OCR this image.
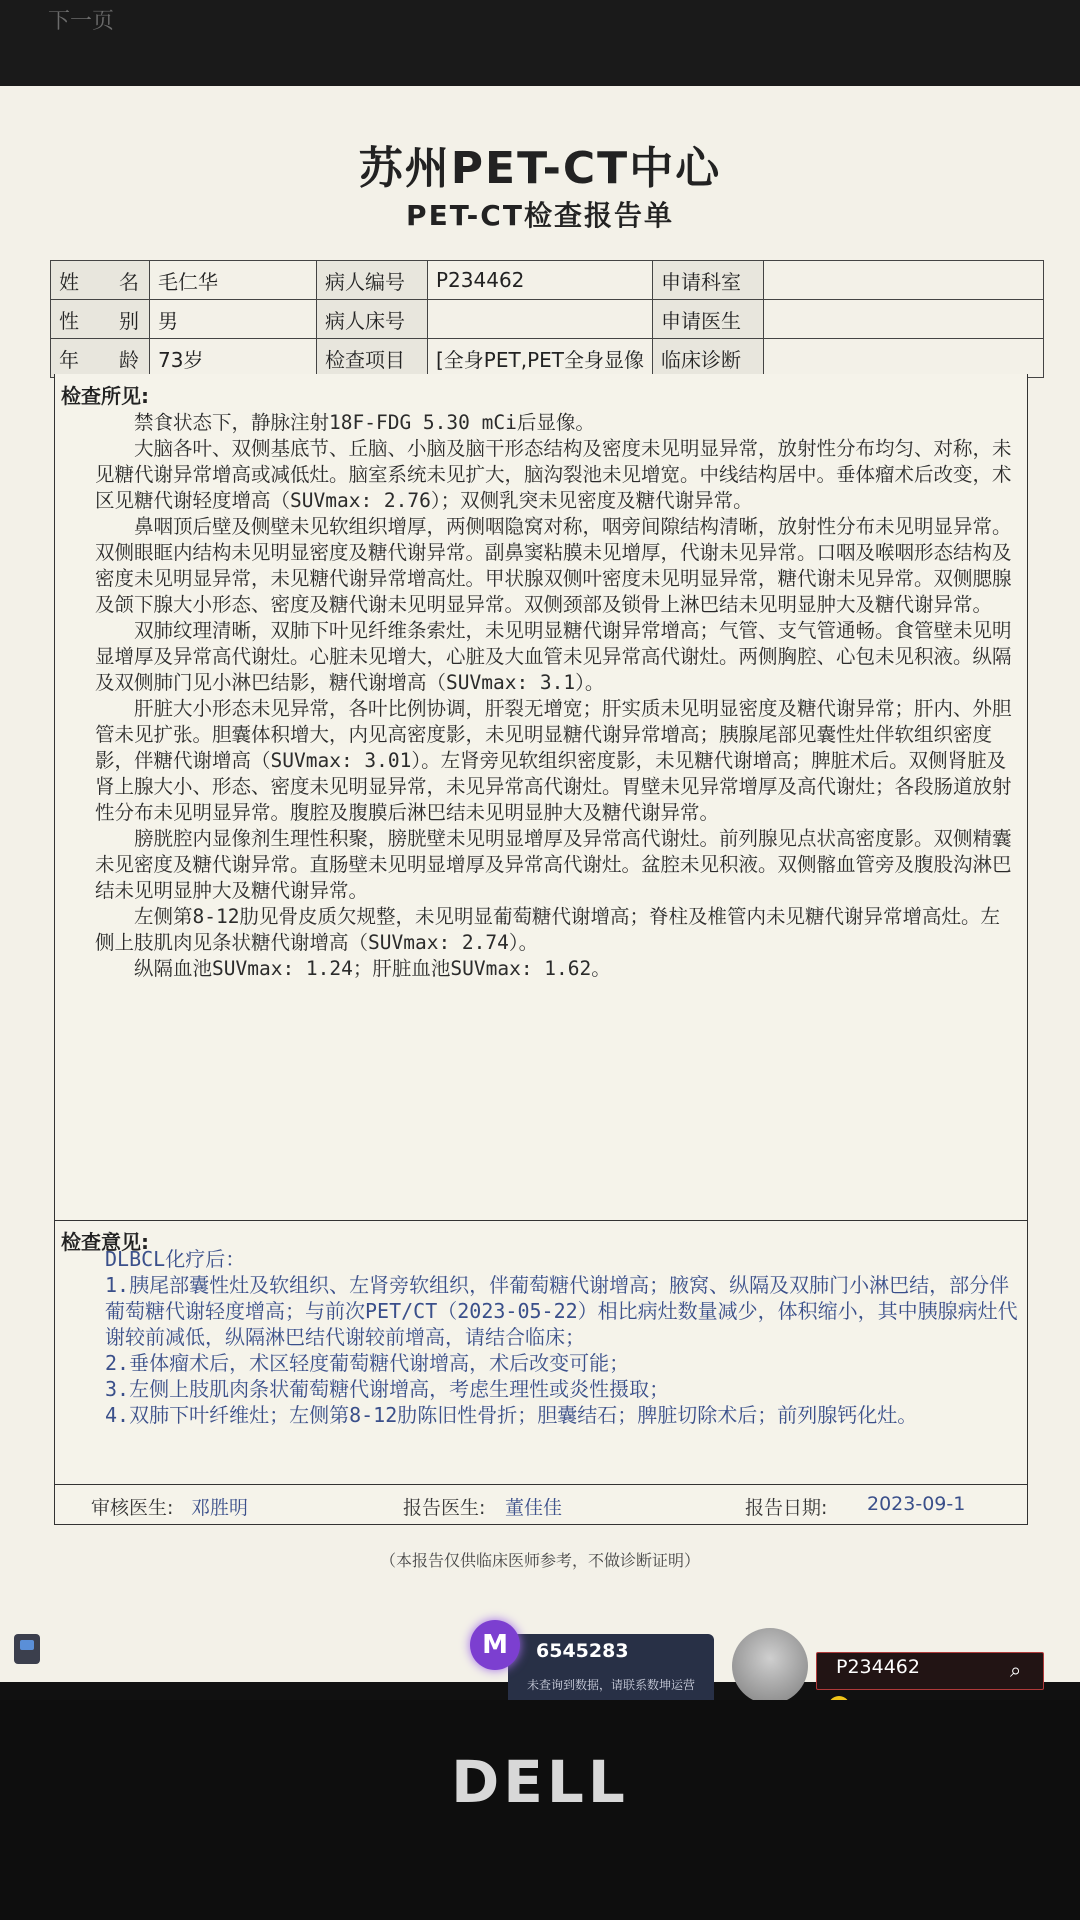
下一页
苏州PET-CT中心
PET-CT检查报告单
姓　　名	毛仁华	病人编号	P234462	申请科室	
性　　别	男	病人床号		申请医生	
年　　龄	73岁	检查项目	[全身PET,PET全身显像	临床诊断	
检查所见:

禁食状态下，静脉注射18F-FDG 5.30 mCi后显像。

大脑各叶、双侧基底节、丘脑、小脑及脑干形态结构及密度未见明显异常，放射性分布均匀、对称，未见糖代谢异常增高或减低灶。脑室系统未见扩大，脑沟裂池未见增宽。中线结构居中。垂体瘤术后改变，术区见糖代谢轻度增高（SUVmax: 2.76）；双侧乳突未见密度及糖代谢异常。

鼻咽顶后壁及侧壁未见软组织增厚，两侧咽隐窝对称，咽旁间隙结构清晰，放射性分布未见明显异常。双侧眼眶内结构未见明显密度及糖代谢异常。副鼻窦粘膜未见增厚，代谢未见异常。口咽及喉咽形态结构及密度未见明显异常，未见糖代谢异常增高灶。甲状腺双侧叶密度未见明显异常，糖代谢未见异常。双侧腮腺及颌下腺大小形态、密度及糖代谢未见明显异常。双侧颈部及锁骨上淋巴结未见明显肿大及糖代谢异常。

双肺纹理清晰，双肺下叶见纤维条索灶，未见明显糖代谢异常增高；气管、支气管通畅。食管壁未见明显增厚及异常高代谢灶。心脏未见增大，心脏及大血管未见异常高代谢灶。两侧胸腔、心包未见积液。纵隔及双侧肺门见小淋巴结影，糖代谢增高（SUVmax: 3.1）。

肝脏大小形态未见异常，各叶比例协调，肝裂无增宽；肝实质未见明显密度及糖代谢异常；肝内、外胆管未见扩张。胆囊体积增大，内见高密度影，未见明显糖代谢异常增高；胰腺尾部见囊性灶伴软组织密度影，伴糖代谢增高（SUVmax: 3.01）。左肾旁见软组织密度影，未见糖代谢增高；脾脏术后。双侧肾脏及肾上腺大小、形态、密度未见明显异常，未见异常高代谢灶。胃壁未见异常增厚及高代谢灶；各段肠道放射性分布未见明显异常。腹腔及腹膜后淋巴结未见明显肿大及糖代谢异常。

膀胱腔内显像剂生理性积聚，膀胱壁未见明显增厚及异常高代谢灶。前列腺见点状高密度影。双侧精囊未见密度及糖代谢异常。直肠壁未见明显增厚及异常高代谢灶。盆腔未见积液。双侧髂血管旁及腹股沟淋巴结未见明显肿大及糖代谢异常。

左侧第8-12肋见骨皮质欠规整，未见明显葡萄糖代谢增高；脊柱及椎管内未见糖代谢异常增高灶。左侧上肢肌肉见条状糖代谢增高（SUVmax: 2.74）。

纵隔血池SUVmax: 1.24；肝脏血池SUVmax: 1.62。

检查意见:

DLBCL化疗后：

1.胰尾部囊性灶及软组织、左肾旁软组织，伴葡萄糖代谢增高；腋窝、纵隔及双肺门小淋巴结，部分伴葡萄糖代谢轻度增高；与前次PET/CT（2023-05-22）相比病灶数量减少，体积缩小，其中胰腺病灶代谢较前减低，纵隔淋巴结代谢较前增高，请结合临床；

2.垂体瘤术后，术区轻度葡萄糖代谢增高，术后改变可能；

3.左侧上肢肌肉条状葡萄糖代谢增高，考虑生理性或炎性摄取；

4.双肺下叶纤维灶；左侧第8-12肋陈旧性骨折；胆囊结石；脾脏切除术后；前列腺钙化灶。

审核医生: 邓胜明	报告医生: 董佳佳	报告日期: 2023-09-1
（本报告仅供临床医师参考，不做诊断证明）
M	6545283
未查询到数据，请联系数坤运营
P234462	⌕
DELL
